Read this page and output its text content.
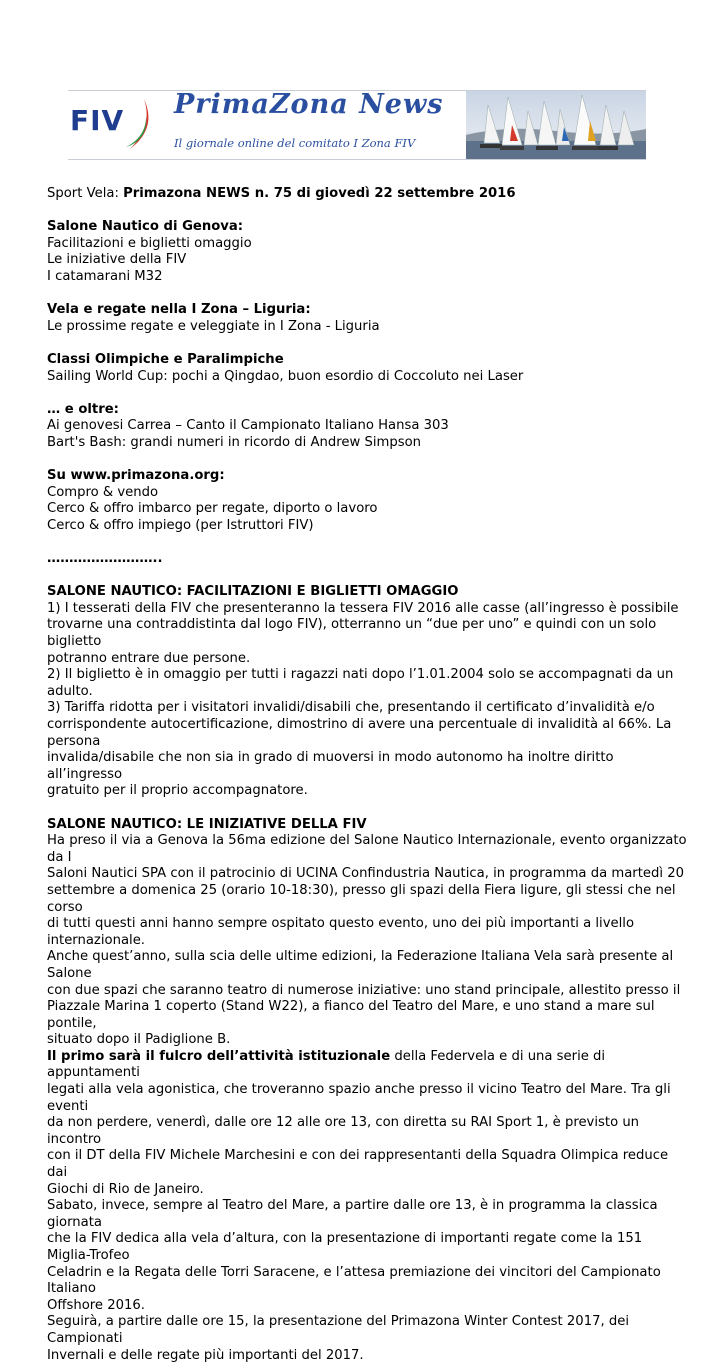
FIV PrimaZona News
Il giornale online del comitato I Zona FIV

Sport Vela: Primazona NEWS n. 75 di giovedì 22 settembre 2016

Salone Nautico di Genova:

Facilitazioni e biglietti omaggio

Le iniziative della FIV

I catamarani M32

Vela e regate nella I Zona – Liguria:

Le prossime regate e veleggiate in I Zona - Liguria

Classi Olimpiche e Paralimpiche

Sailing World Cup: pochi a Qingdao, buon esordio di Coccoluto nei Laser

… e oltre:

Ai genovesi Carrea – Canto il Campionato Italiano Hansa 303

Bart's Bash: grandi numeri in ricordo di Andrew Simpson

Su www.primazona.org:

Compro & vendo

Cerco & offro imbarco per regate, diporto o lavoro

Cerco & offro impiego (per Istruttori FIV)

……………………..

SALONE NAUTICO: FACILITAZIONI E BIGLIETTI OMAGGIO

1) I tesserati della FIV che presenteranno la tessera FIV 2016 alle casse (all’ingresso è possibile

trovarne una contraddistinta dal logo FIV), otterranno un “due per uno” e quindi con un solo biglietto

potranno entrare due persone.

2) Il biglietto è in omaggio per tutti i ragazzi nati dopo l’1.01.2004 solo se accompagnati da un adulto.

3) Tariffa ridotta per i visitatori invalidi/disabili che, presentando il certificato d’invalidità e/o

corrispondente autocertificazione, dimostrino di avere una percentuale di invalidità al 66%. La persona

invalida/disabile che non sia in grado di muoversi in modo autonomo ha inoltre diritto all’ingresso

gratuito per il proprio accompagnatore.

SALONE NAUTICO: LE INIZIATIVE DELLA FIV

Ha preso il via a Genova la 56ma edizione del Salone Nautico Internazionale, evento organizzato da I

Saloni Nautici SPA con il patrocinio di UCINA Confindustria Nautica, in programma da martedì 20

settembre a domenica 25 (orario 10-18:30), presso gli spazi della Fiera ligure, gli stessi che nel corso

di tutti questi anni hanno sempre ospitato questo evento, uno dei più importanti a livello

internazionale.

Anche quest’anno, sulla scia delle ultime edizioni, la Federazione Italiana Vela sarà presente al Salone

con due spazi che saranno teatro di numerose iniziative: uno stand principale, allestito presso il

Piazzale Marina 1 coperto (Stand W22), a fianco del Teatro del Mare, e uno stand a mare sul pontile,

situato dopo il Padiglione B.

Il primo sarà il fulcro dell’attività istituzionale della Federvela e di una serie di appuntamenti

legati alla vela agonistica, che troveranno spazio anche presso il vicino Teatro del Mare. Tra gli eventi

da non perdere, venerdì, dalle ore 12 alle ore 13, con diretta su RAI Sport 1, è previsto un incontro

con il DT della FIV Michele Marchesini e con dei rappresentanti della Squadra Olimpica reduce dai

Giochi di Rio de Janeiro.

Sabato, invece, sempre al Teatro del Mare, a partire dalle ore 13, è in programma la classica giornata

che la FIV dedica alla vela d’altura, con la presentazione di importanti regate come la 151 Miglia-Trofeo

Celadrin e la Regata delle Torri Saracene, e l’attesa premiazione dei vincitori del Campionato Italiano

Offshore 2016.

Seguirà, a partire dalle ore 15, la presentazione del Primazona Winter Contest 2017, dei Campionati

Invernali e delle regate più importanti del 2017.
